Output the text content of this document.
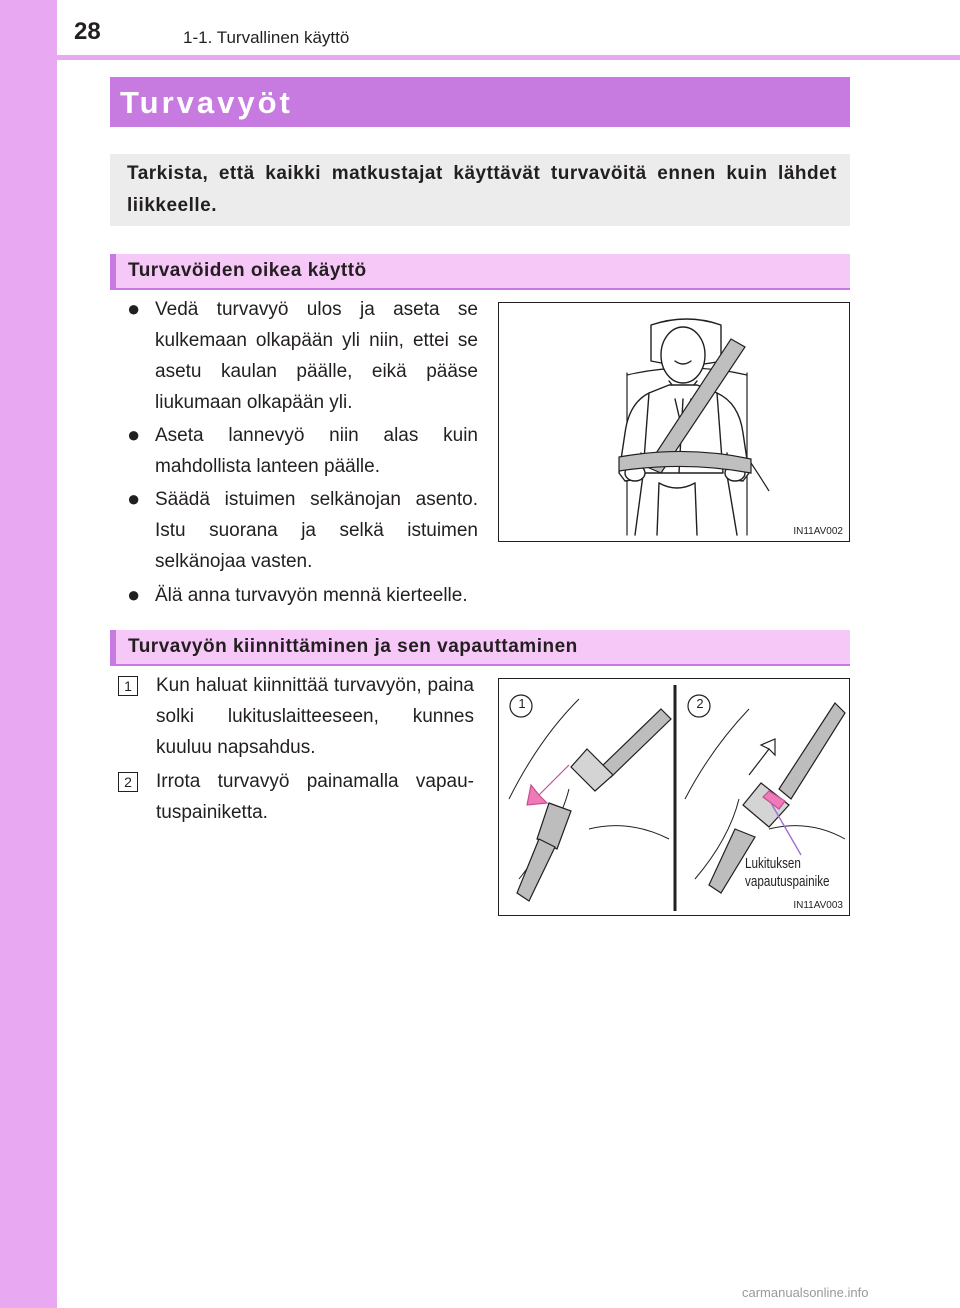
28	1-1. Turvallinen käyttö
Turvavyöt
Tarkista, että kaikki matkustajat käyttävät turvavöitä ennen kuin lähdet liikkeelle.
Turvavöiden oikea käyttö
● Vedä turvavyö ulos ja aseta se kulkemaan olkapään yli niin, ettei se asetu kaulan päälle, eikä pääse liukumaan olkapään yli.
● Aseta lannevyö niin alas kuin mahdollista lanteen päälle.
● Säädä istuimen selkänojan asento. Istu suorana ja selkä istuimen selkänojaa vasten.
● Älä anna turvavyön mennä kierteelle.
IN11AV002
Turvavyön kiinnittäminen ja sen vapauttaminen
1	Kun haluat kiinnittää turvavyön, paina solki lukituslaitteeseen, kunnes kuuluu napsahdus.
2	Irrota turvavyö painamalla vapau- tuspainiketta.
1	2
Lukituksen
vapautuspainike
IN11AV003
carmanualsonline.info
